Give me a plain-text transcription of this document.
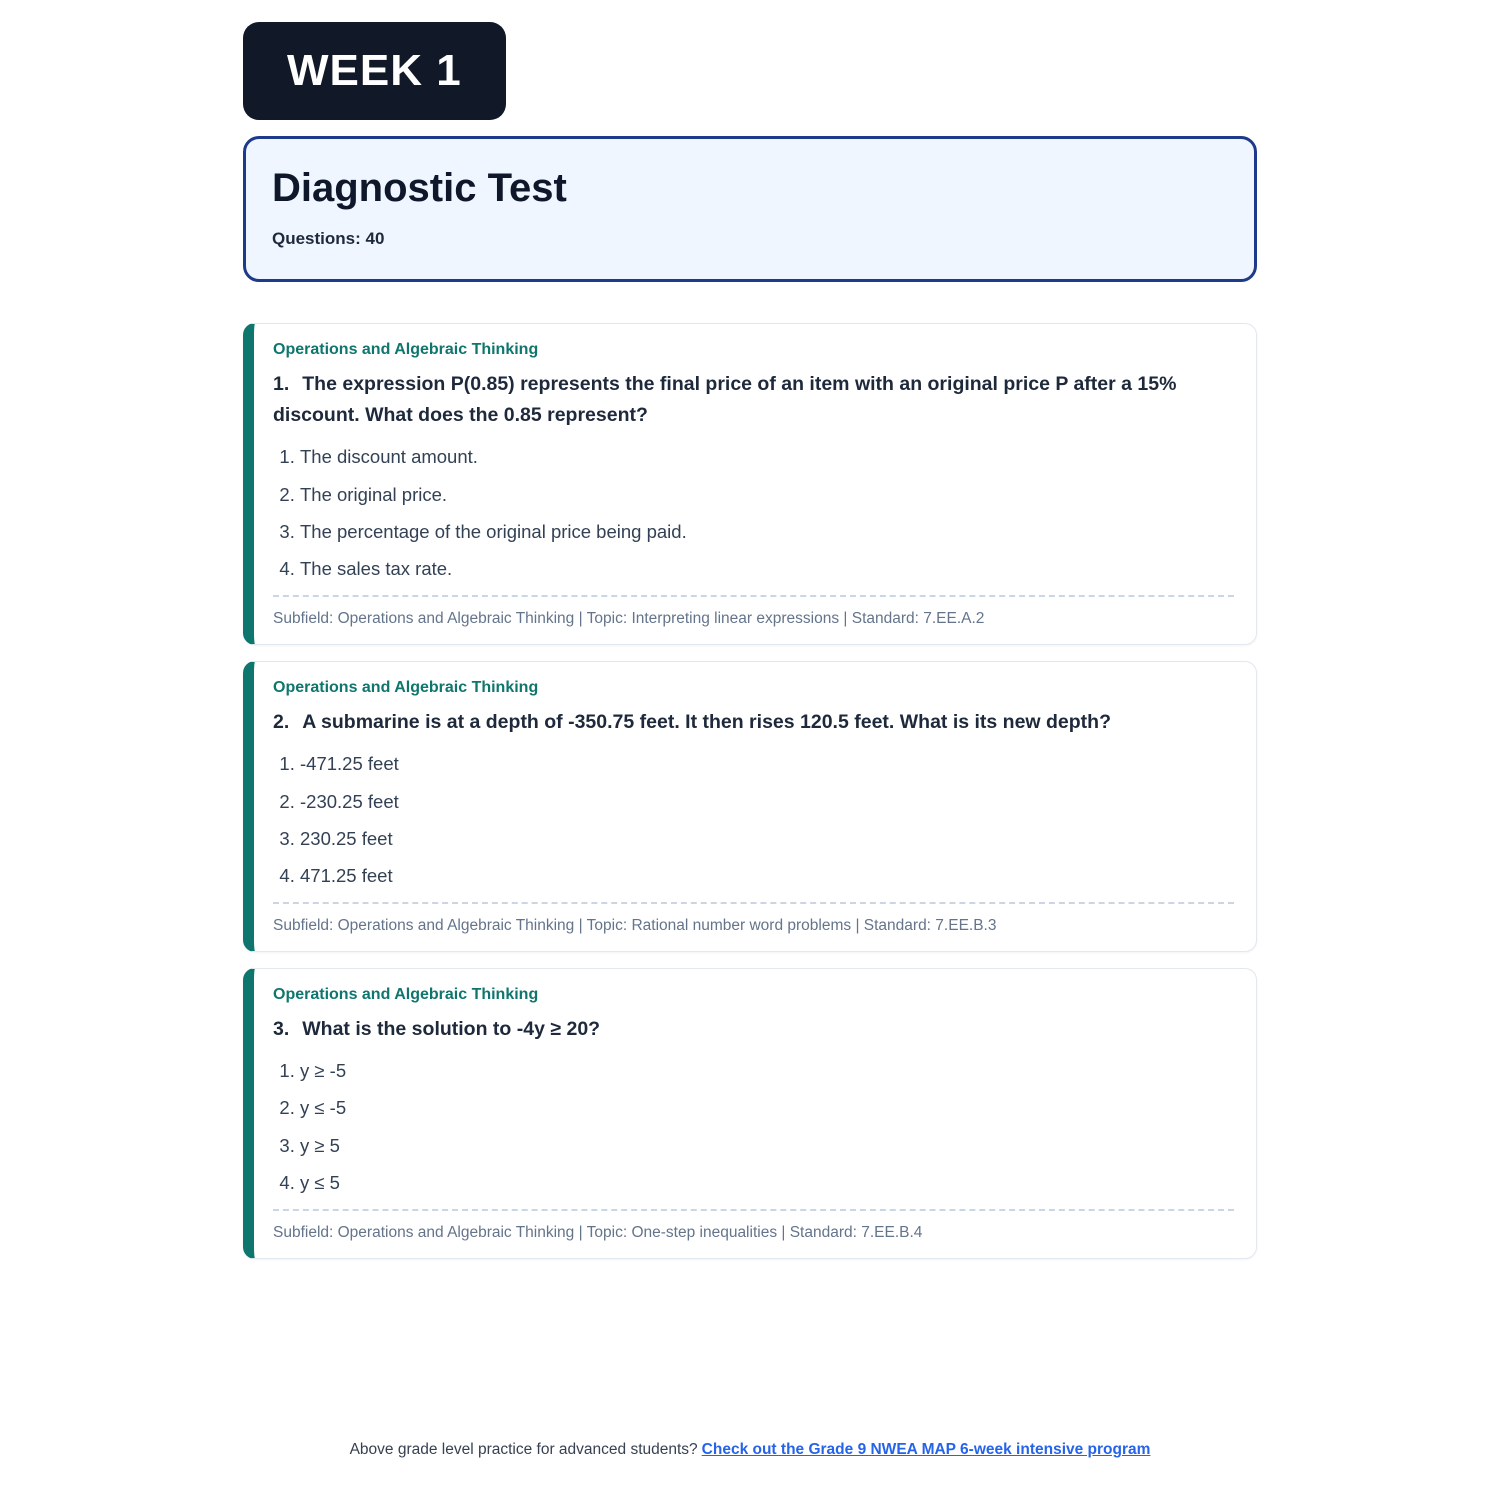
WEEK 1
Diagnostic Test
Questions: 40
Operations and Algebraic Thinking
1. The expression P(0.85) represents the final price of an item with an original price P after a 15% discount. What does the 0.85 represent?
1. The discount amount.
2. The original price.
3. The percentage of the original price being paid.
4. The sales tax rate.
Subfield: Operations and Algebraic Thinking | Topic: Interpreting linear expressions | Standard: 7.EE.A.2
Operations and Algebraic Thinking
2. A submarine is at a depth of -350.75 feet. It then rises 120.5 feet. What is its new depth?
1. -471.25 feet
2. -230.25 feet
3. 230.25 feet
4. 471.25 feet
Subfield: Operations and Algebraic Thinking | Topic: Rational number word problems | Standard: 7.EE.B.3
Operations and Algebraic Thinking
3. What is the solution to -4y ≥ 20?
1. y ≥ -5
2. y ≤ -5
3. y ≥ 5
4. y ≤ 5
Subfield: Operations and Algebraic Thinking | Topic: One-step inequalities | Standard: 7.EE.B.4
Above grade level practice for advanced students? Check out the Grade 9 NWEA MAP 6-week intensive program
